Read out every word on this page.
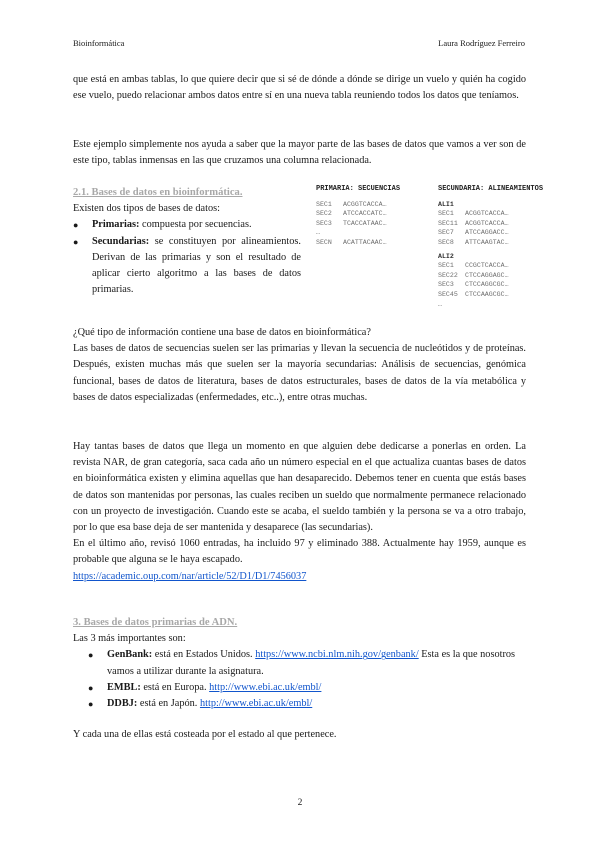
Bioinformática	Laura Rodríguez Ferreiro

que está en ambas tablas, lo que quiere decir que si sé de dónde a dónde se dirige un vuelo y quién ha cogido ese vuelo, puedo relacionar ambos datos entre sí en una nueva tabla reuniendo todos los datos que teníamos.

Este ejemplo simplemente nos ayuda a saber que la mayor parte de las bases de datos que vamos a ver son de este tipo, tablas inmensas en las que cruzamos una columna relacionada.

2.1. Bases de datos en bioinformática.

Existen dos tipos de bases de datos:

● Primarias: compuesta por secuencias.
● Secundarias: se constituyen por alineamientos. Derivan de las primarias y son el resultado de aplicar cierto algoritmo a las bases de datos primarias.
PRIMARIA: SECUENCIAS
SEC1 ACGGTCACCA…
SEC2 ATCCACCATC…
SEC3 TCACCATAAC…
…
SECN ACATTACAAC…
SECUNDARIA: ALINEAMIENTOS
ALI1
SEC1 ACGGTCACCA…
SEC11 ACGGTCACCA…
SEC7 ATCCAGGACC…
SEC8 ATTCAAGTAC…
ALI2
SEC1 CCGCTCACCA…
SEC22 CTCCAGGAGC…
SEC3 CTCCAGGCGC…
SEC45 CTCCAAGCGC…
…

¿Qué tipo de información contiene una base de datos en bioinformática?

Las bases de datos de secuencias suelen ser las primarias y llevan la secuencia de nucleótidos y de proteínas. Después, existen muchas más que suelen ser la mayoría secundarias: Análisis de secuencias, genómica funcional, bases de datos de literatura, bases de datos estructurales, bases de datos de la vía metabólica y bases de datos especializadas (enfermedades, etc..), entre otras muchas.

Hay tantas bases de datos que llega un momento en que alguien debe dedicarse a ponerlas en orden. La revista NAR, de gran categoría, saca cada año un número especial en el que actualiza cuantas bases de datos en bioinformática existen y elimina aquellas que han desaparecido. Debemos tener en cuenta que estás bases de datos son mantenidas por personas, las cuales reciben un sueldo que normalmente permanece relacionado con un proyecto de investigación. Cuando este se acaba, el sueldo también y la persona se va a otro trabajo, por lo que esa base deja de ser mantenida y desaparece (las secundarias).

En el último año, revisó 1060 entradas, ha incluido 97 y eliminado 388. Actualmente hay 1959, aunque es probable que alguna se le haya escapado.

https://academic.oup.com/nar/article/52/D1/D1/7456037

3. Bases de datos primarias de ADN.

Las 3 más importantes son:

● GenBank: está en Estados Unidos. https://www.ncbi.nlm.nih.gov/genbank/ Esta es la que nosotros vamos a utilizar durante la asignatura.
● EMBL: está en Europa. http://www.ebi.ac.uk/embl/
● DDBJ: está en Japón. http://www.ebi.ac.uk/embl/

Y cada una de ellas está costeada por el estado al que pertenece.

2
